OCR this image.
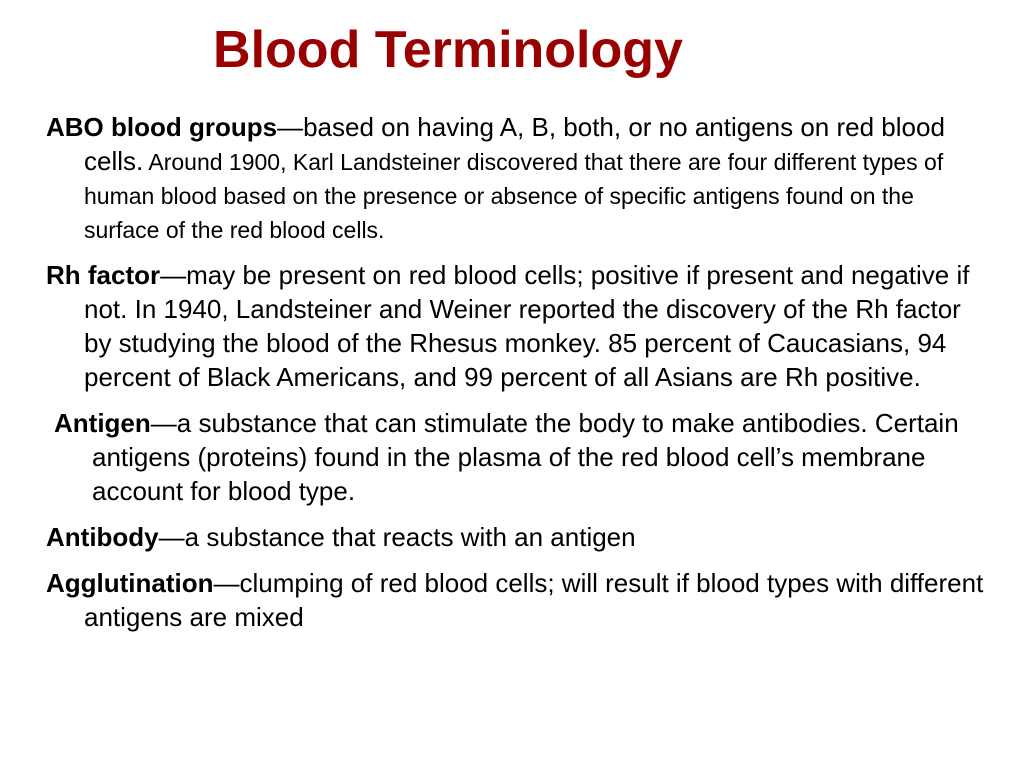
Blood Terminology

ABO blood groups—based on having A, B, both, or no antigens on red blood cells. Around 1900, Karl Landsteiner discovered that there are four different types of human blood based on the presence or absence of specific antigens found on the surface of the red blood cells.

Rh factor—may be present on red blood cells; positive if present and negative if not. In 1940, Landsteiner and Weiner reported the discovery of the Rh factor by studying the blood of the Rhesus monkey. 85 percent of Caucasians, 94 percent of Black Americans, and 99 percent of all Asians are Rh positive.

Antigen—a substance that can stimulate the body to make antibodies. Certain antigens (proteins) found in the plasma of the red blood cell’s membrane account for blood type.

Antibody—a substance that reacts with an antigen

Agglutination—clumping of red blood cells; will result if blood types with different antigens are mixed
